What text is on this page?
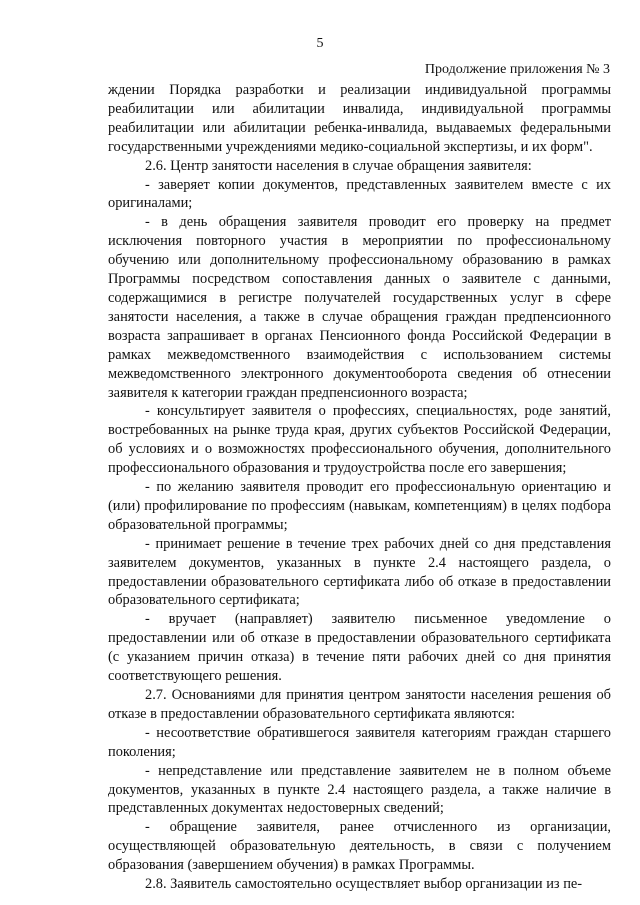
5
Продолжение приложения № 3

ждении Порядка разработки и реализации индивидуальной программы реабилитации или абилитации инвалида, индивидуальной программы реабилитации или абилитации ребенка-инвалида, выдаваемых федеральными государственными учреждениями медико-социальной экспертизы, и их форм".

2.6. Центр занятости населения в случае обращения заявителя:

- заверяет копии документов, представленных заявителем вместе с их оригиналами;

- в день обращения заявителя проводит его проверку на предмет исключения повторного участия в мероприятии по профессиональному обучению или дополнительному профессиональному образованию в рамках Программы посредством сопоставления данных о заявителе с данными, содержащимися в регистре получателей государственных услуг в сфере занятости населения, а также в случае обращения граждан предпенсионного возраста запрашивает в органах Пенсионного фонда Российской Федерации в рамках межведомственного взаимодействия с использованием системы межведомственного электронного документооборота сведения об отнесении заявителя к категории граждан предпенсионного возраста;

- консультирует заявителя о профессиях, специальностях, роде занятий, востребованных на рынке труда края, других субъектов Российской Федерации, об условиях и о возможностях профессионального обучения, дополнительного профессионального образования и трудоустройства после его завершения;

- по желанию заявителя проводит его профессиональную ориентацию и (или) профилирование по профессиям (навыкам, компетенциям) в целях подбора образовательной программы;

- принимает решение в течение трех рабочих дней со дня представления заявителем документов, указанных в пункте 2.4 настоящего раздела, о предоставлении образовательного сертификата либо об отказе в предоставлении образовательного сертификата;

- вручает (направляет) заявителю письменное уведомление о предоставлении или об отказе в предоставлении образовательного сертификата (с указанием причин отказа) в течение пяти рабочих дней со дня принятия соответствующего решения.

2.7. Основаниями для принятия центром занятости населения решения об отказе в предоставлении образовательного сертификата являются:

- несоответствие обратившегося заявителя категориям граждан старшего поколения;

- непредставление или представление заявителем не в полном объеме документов, указанных в пункте 2.4 настоящего раздела, а также наличие в представленных документах недостоверных сведений;

- обращение заявителя, ранее отчисленного из организации, осуществляющей образовательную деятельность, в связи с получением образования (завершением обучения) в рамках Программы.

2.8. Заявитель самостоятельно осуществляет выбор организации из пе-
